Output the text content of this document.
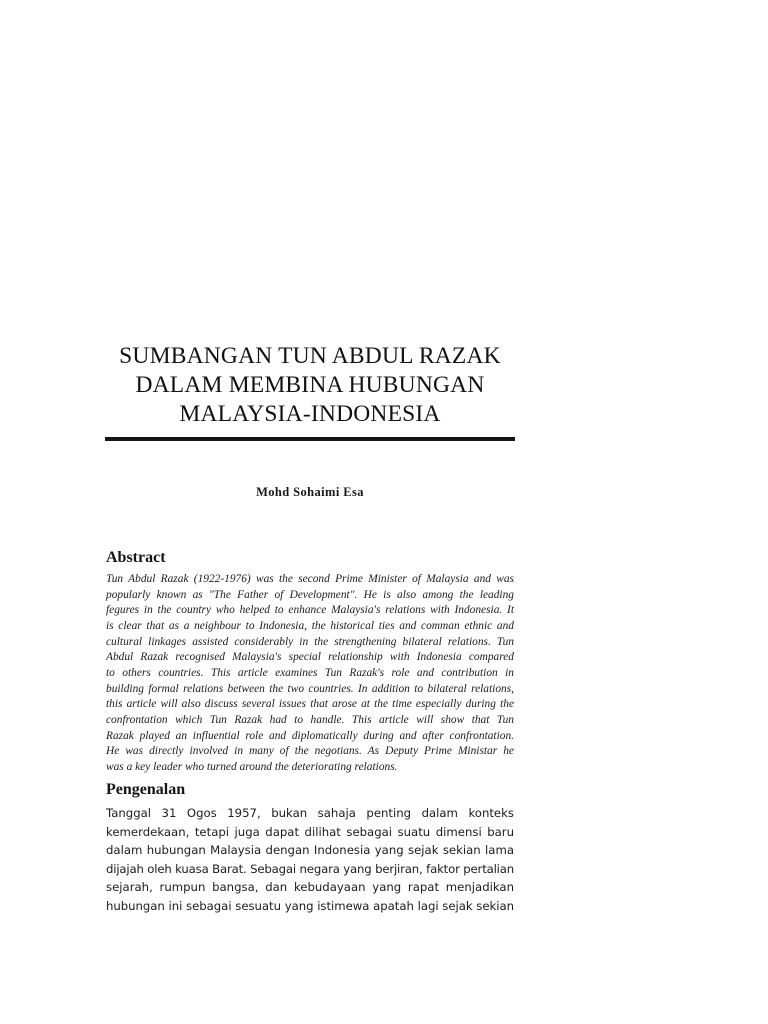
SUMBANGAN TUN ABDUL RAZAK
DALAM MEMBINA HUBUNGAN
MALAYSIA-INDONESIA
Mohd Sohaimi Esa
Abstract
Tun Abdul Razak (1922-1976) was the second Prime Minister of Malaysia and was
popularly known as "The Father of Development". He is also among the leading
fegures in the country who helped to enhance Malaysia's relations with Indonesia. It
is clear that as a neighbour to Indonesia, the historical ties and comman ethnic and
cultural linkages assisted considerably in the strengthening bilateral relations. Tun
Abdul Razak recognised Malaysia's special relationship with Indonesia compared
to others countries. This article examines Tun Razak's role and contribution in
building formal relations between the two countries. In addition to bilateral relations,
this article will also discuss several issues that arose at the time especially during the
confrontation which Tun Razak had to handle. This article will show that Tun
Razak played an influential role and diplomatically during and after confrontation.
He was directly involved in many of the negotians. As Deputy Prime Ministar he
was a key leader who turned around the deteriorating relations.
Pengenalan
Tanggal 31 Ogos 1957, bukan sahaja penting dalam konteks
kemerdekaan, tetapi juga dapat dilihat sebagai suatu dimensi baru
dalam hubungan Malaysia dengan Indonesia yang sejak sekian lama
dijajah oleh kuasa Barat. Sebagai negara yang berjiran, faktor pertalian
sejarah, rumpun bangsa, dan kebudayaan yang rapat menjadikan
hubungan ini sebagai sesuatu yang istimewa apatah lagi sejak sekian
